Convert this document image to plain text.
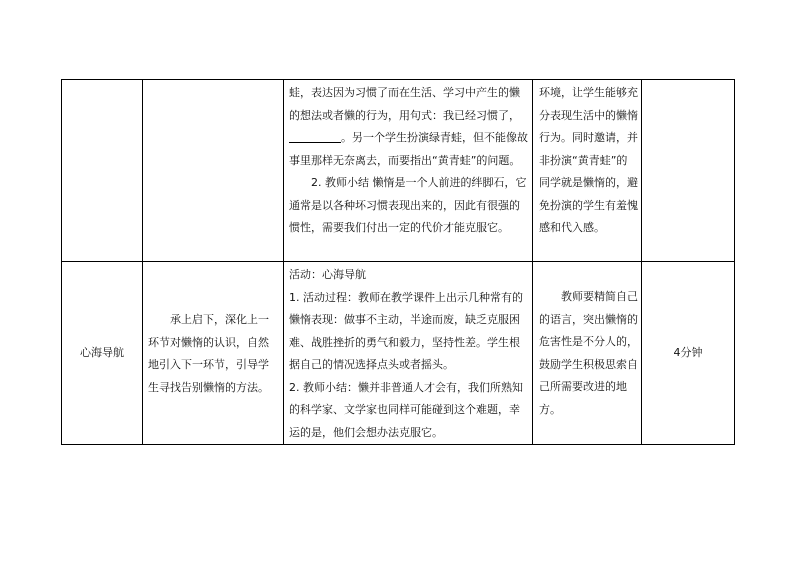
		蛙，表达因为习惯了而在生活、学习中产生的懒的想法或者懒的行为，用句式：我已经习惯了，。另一个学生扮演绿青蛙，但不能像故事里那样无奈离去，而要指出“黄青蛙”的问题。

2. 教师小结 懒惰是一个人前进的绊脚石，它通常是以各种坏习惯表现出来的，因此有很强的惯性，需要我们付出一定的代价才能克服它。	环境，让学生能够充分表现生活中的懒惰行为。同时邀请，并非扮演“黄青蛙”的同学就是懒惰的，避免扮演的学生有羞愧感和代入感。	

心海导航	承上启下，深化上一环节对懒惰的认识，自然地引入下一环节，引导学生寻找告别懒惰的方法。	活动：心海导航

1. 活动过程：教师在教学课件上出示几种常有的懒惰表现：做事不主动，半途而废，缺乏克服困难、战胜挫折的勇气和毅力，坚持性差。学生根据自己的情况选择点头或者摇头。

2. 教师小结：懒并非普通人才会有，我们所熟知的科学家、文学家也同样可能碰到这个难题，幸运的是，他们会想办法克服它。	教师要精简自己的语言，突出懒惰的危害性是不分人的，鼓励学生积极思索自己所需要改进的地方。	4分钟
